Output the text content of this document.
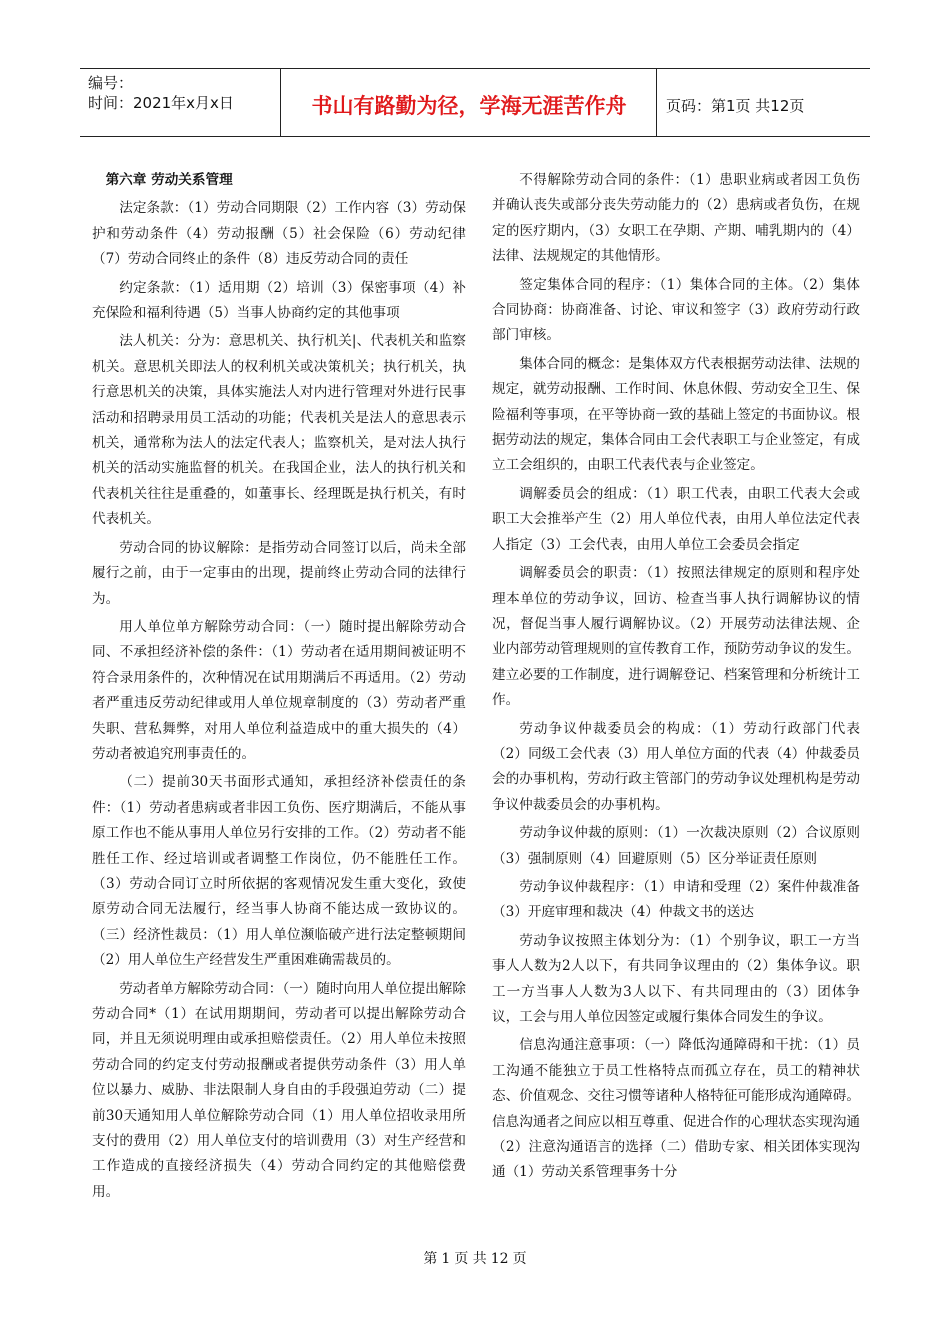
编号：
时间：2021年x月x日	书山有路勤为径，学海无涯苦作舟	页码：第1页 共12页

第六章 劳动关系管理

法定条款：（1）劳动合同期限（2）工作内容（3）劳动保护和劳动条件（4）劳动报酬（5）社会保险（6）劳动纪律（7）劳动合同终止的条件（8）违反劳动合同的责任

约定条款：（1）适用期（2）培训（3）保密事项（4）补充保险和福利待遇（5）当事人协商约定的其他事项

法人机关：分为：意思机关、执行机关|、代表机关和监察机关。意思机关即法人的权利机关或决策机关；执行机关，执行意思机关的决策，具体实施法人对内进行管理对外进行民事活动和招聘录用员工活动的功能；代表机关是法人的意思表示机关，通常称为法人的法定代表人；监察机关，是对法人执行机关的活动实施监督的机关。在我国企业，法人的执行机关和代表机关往往是重叠的，如董事长、经理既是执行机关，有时代表机关。

劳动合同的协议解除：是指劳动合同签订以后，尚未全部履行之前，由于一定事由的出现，提前终止劳动合同的法律行为。

用人单位单方解除劳动合同：（一）随时提出解除劳动合同、不承担经济补偿的条件：（1）劳动者在适用期间被证明不符合录用条件的，次种情况在试用期满后不再适用。（2）劳动者严重违反劳动纪律或用人单位规章制度的（3）劳动者严重失职、营私舞弊，对用人单位利益造成中的重大损失的（4）劳动者被追究刑事责任的。

（二）提前30天书面形式通知，承担经济补偿责任的条件：（1）劳动者患病或者非因工负伤、医疗期满后，不能从事原工作也不能从事用人单位另行安排的工作。（2）劳动者不能胜任工作、经过培训或者调整工作岗位，仍不能胜任工作。（3）劳动合同订立时所依据的客观情况发生重大变化，致使原劳动合同无法履行，经当事人协商不能达成一致协议的。（三）经济性裁员：（1）用人单位濒临破产进行法定整顿期间（2）用人单位生产经营发生严重困难确需裁员的。

劳动者单方解除劳动合同：（一）随时向用人单位提出解除劳动合同*（1）在试用期期间，劳动者可以提出解除劳动合同，并且无须说明理由或承担赔偿责任。（2）用人单位未按照劳动合同的约定支付劳动报酬或者提供劳动条件（3）用人单位以暴力、威胁、非法限制人身自由的手段强迫劳动（二）提前30天通知用人单位解除劳动合同（1）用人单位招收录用所支付的费用（2）用人单位支付的培训费用（3）对生产经营和工作造成的直接经济损失（4）劳动合同约定的其他赔偿费用。

不得解除劳动合同的条件：（1）患职业病或者因工负伤并确认丧失或部分丧失劳动能力的（2）患病或者负伤，在规定的医疗期内，（3）女职工在孕期、产期、哺乳期内的（4）法律、法规规定的其他情形。

签定集体合同的程序：（1）集体合同的主体。（2）集体合同协商：协商准备、讨论、审议和签字（3）政府劳动行政部门审核。

集体合同的概念：是集体双方代表根据劳动法律、法规的规定，就劳动报酬、工作时间、休息休假、劳动安全卫生、保险福利等事项，在平等协商一致的基础上签定的书面协议。根据劳动法的规定，集体合同由工会代表职工与企业签定，有成立工会组织的，由职工代表代表与企业签定。

调解委员会的组成：（1）职工代表，由职工代表大会或职工大会推举产生（2）用人单位代表，由用人单位法定代表人指定（3）工会代表，由用人单位工会委员会指定

调解委员会的职责：（1）按照法律规定的原则和程序处理本单位的劳动争议，回访、检查当事人执行调解协议的情况，督促当事人履行调解协议。（2）开展劳动法律法规、企业内部劳动管理规则的宣传教育工作，预防劳动争议的发生。建立必要的工作制度，进行调解登记、档案管理和分析统计工作。

劳动争议仲裁委员会的构成：（1）劳动行政部门代表（2）同级工会代表（3）用人单位方面的代表（4）仲裁委员会的办事机构，劳动行政主管部门的劳动争议处理机构是劳动争议仲裁委员会的办事机构。

劳动争议仲裁的原则：（1）一次裁决原则（2）合议原则（3）强制原则（4）回避原则（5）区分举证责任原则

劳动争议仲裁程序：（1）申请和受理（2）案件仲裁准备（3）开庭审理和裁决（4）仲裁文书的送达

劳动争议按照主体划分为：（1）个别争议，职工一方当事人人数为2人以下，有共同争议理由的（2）集体争议。职工一方当事人人数为3人以下、有共同理由的（3）团体争议，工会与用人单位因签定或履行集体合同发生的争议。

信息沟通注意事项：（一）降低沟通障碍和干扰：（1）员工沟通不能独立于员工性格特点而孤立存在，员工的精神状态、价值观念、交往习惯等诸种人格特征可能形成沟通障碍。信息沟通者之间应以相互尊重、促进合作的心理状态实现沟通（2）注意沟通语言的选择（二）借助专家、相关团体实现沟通（1）劳动关系管理事务十分

第 1 页 共 12 页
